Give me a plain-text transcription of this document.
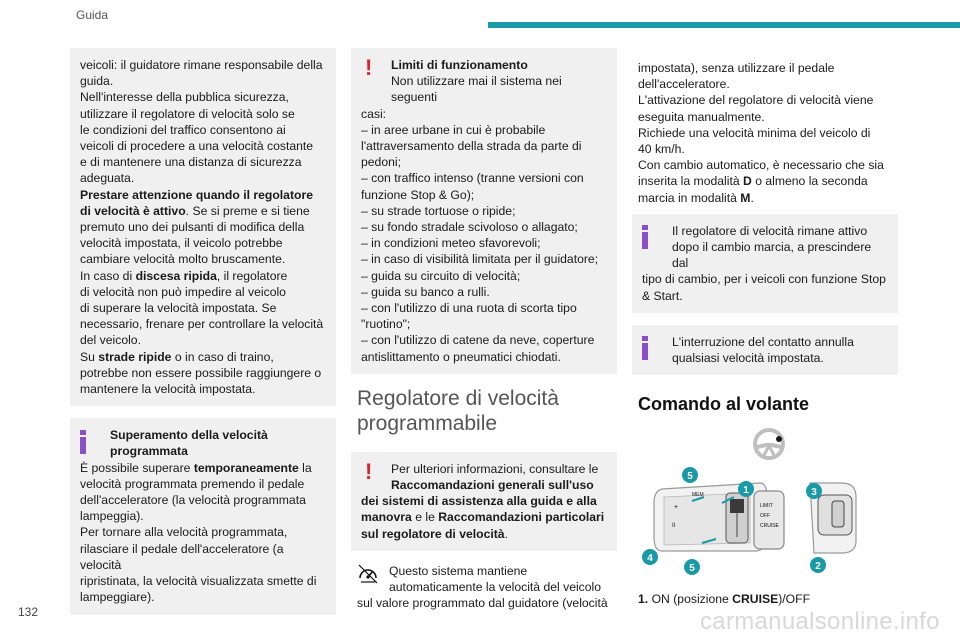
Guida
132	carmanualsonline.info

veicoli: il guidatore rimane responsabile della

guida.

Nell'interesse della pubblica sicurezza,

utilizzare il regolatore di velocità solo se

le condizioni del traffico consentono ai

veicoli di procedere a una velocità costante

e di mantenere una distanza di sicurezza

adeguata.

Prestare attenzione quando il regolatore

di velocità è attivo. Se si preme e si tiene

premuto uno dei pulsanti di modifica della

velocità impostata, il veicolo potrebbe

cambiare velocità molto bruscamente.

In caso di discesa ripida, il regolatore

di velocità non può impedire al veicolo

di superare la velocità impostata. Se

necessario, frenare per controllare la velocità

del veicolo.

Su strade ripide o in caso di traino,

potrebbe non essere possibile raggiungere o

mantenere la velocità impostata.

Superamento della velocità

programmata

È possibile superare temporaneamente la

velocità programmata premendo il pedale

dell'acceleratore (la velocità programmata

lampeggia).

Per tornare alla velocità programmata,

rilasciare il pedale dell'acceleratore (a velocità

ripristinata, la velocità visualizzata smette di

lampeggiare).

!	Limiti di funzionamento

Non utilizzare mai il sistema nei seguenti

casi:

– in aree urbane in cui è probabile

l'attraversamento della strada da parte di

pedoni;

– con traffico intenso (tranne versioni con

funzione Stop & Go);

– su strade tortuose o ripide;

– su fondo stradale scivoloso o allagato;

– in condizioni meteo sfavorevoli;

– in caso di visibilità limitata per il guidatore;

– guida su circuito di velocità;

– guida su banco a rulli.

– con l'utilizzo di una ruota di scorta tipo

"ruotino";

– con l'utilizzo di catene da neve, coperture

antislittamento o pneumatici chiodati.

Regolatore di velocità
programmabile
!	Per ulteriori informazioni, consultare le

Raccomandazioni generali sull'uso

dei sistemi di assistenza alla guida e alla

manovra e le Raccomandazioni particolari

sul regolatore di velocità.

Questo sistema mantiene

automaticamente la velocità del veicolo

sul valore programmato dal guidatore (velocità

impostata), senza utilizzare il pedale

dell'acceleratore.

L'attivazione del regolatore di velocità viene

eseguita manualmente.

Richiede una velocità minima del veicolo di

40 km/h.

Con cambio automatico, è necessario che sia

inserita la modalità D o almeno la seconda

marcia in modalità M.

Il regolatore di velocità rimane attivo

dopo il cambio marcia, a prescindere dal

tipo di cambio, per i veicoli con funzione Stop

& Start.

L'interruzione del contatto annulla

qualsiasi velocità impostata.

Comando al volante
LIMIT
OFF
CRUISE
MEM
+
II
1
2
3
4
5
5

1. ON (posizione CRUISE)/OFF
